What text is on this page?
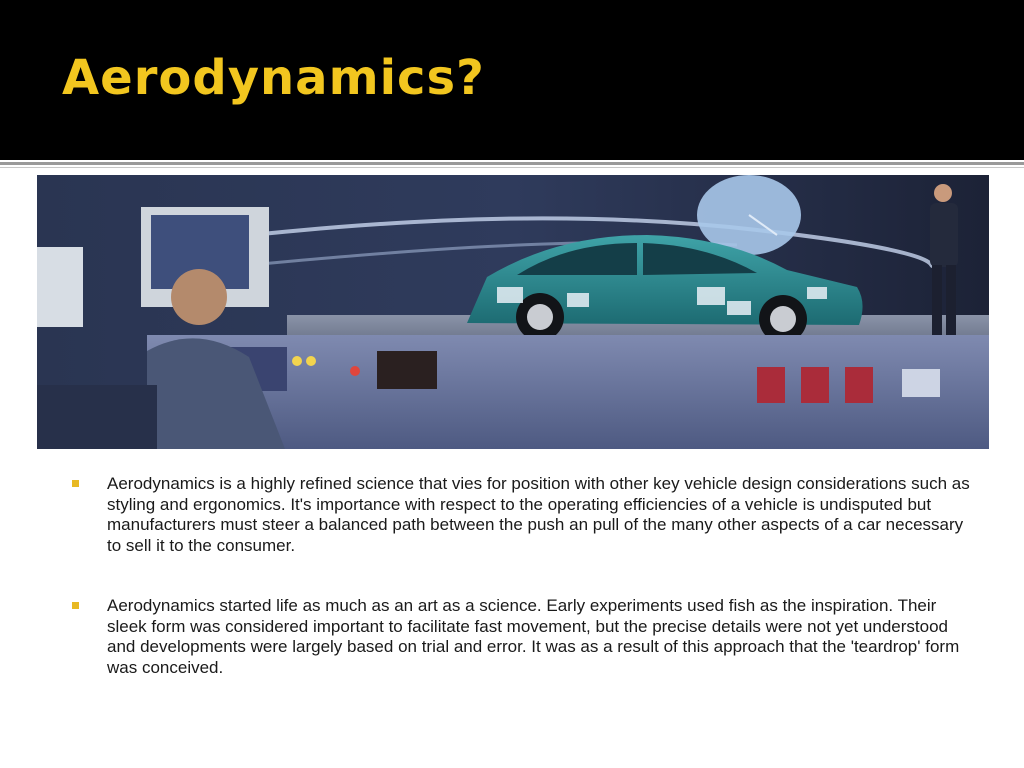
Aerodynamics?
Aerodynamics is a highly refined science that vies for position with other key vehicle design considerations such as styling and ergonomics. It's importance with respect to the operating efficiencies of a vehicle is undisputed but manufacturers must steer a balanced path between the push an pull of the many other aspects of a car necessary to sell it to the consumer.
Aerodynamics started life as much as an art as a science. Early experiments used fish as the inspiration. Their sleek form was considered important to facilitate fast movement, but the precise details were not yet understood and developments were largely based on trial and error. It was as a result of this approach that the 'teardrop' form was conceived.
